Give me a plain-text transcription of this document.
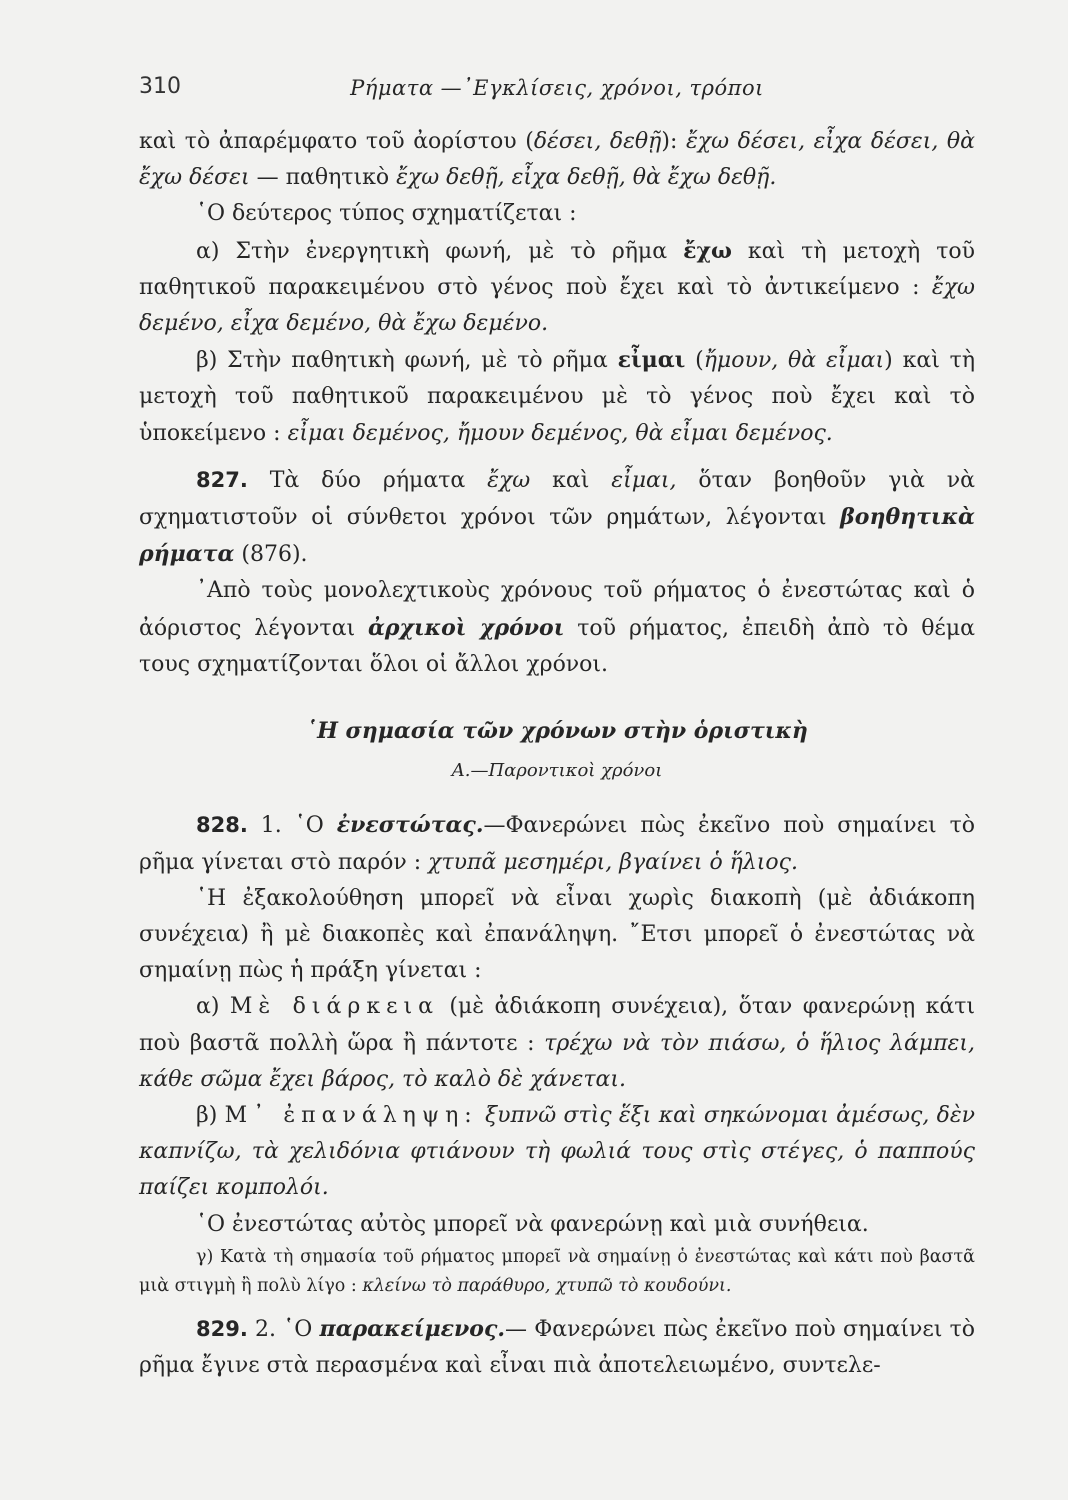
310	Ρήματα —᾿Εγκλίσεις, χρόνοι, τρόποι

καὶ τὸ ἀπαρέμφατο τοῦ ἀορίστου (δέσει, δεθῇ): ἔχω δέσει, εἶχα δέσει, θὰ ἔχω δέσει — παθητικὸ ἔχω δεθῇ, εἶχα δεθῇ, θὰ ἔχω δεθῇ.

῾Ο δεύτερος τύπος σχηματίζεται :

α) Στὴν ἐνεργητικὴ φωνή, μὲ τὸ ρῆμα ἔχω καὶ τὴ μετοχὴ τοῦ παθητικοῦ παρακειμένου στὸ γένος ποὺ ἔχει καὶ τὸ ἀντικείμενο : ἔχω δεμένο, εἶχα δεμένο, θὰ ἔχω δεμένο.

β) Στὴν παθητικὴ φωνή, μὲ τὸ ρῆμα εἶμαι (ἤμουν, θὰ εἶμαι) καὶ τὴ μετοχὴ τοῦ παθητικοῦ παρακειμένου μὲ τὸ γένος ποὺ ἔχει καὶ τὸ ὑποκείμενο : εἶμαι δεμένος, ἤμουν δεμένος, θὰ εἶμαι δεμένος.

827. Τὰ δύο ρήματα ἔχω καὶ εἶμαι, ὅταν βοηθοῦν γιὰ νὰ σχηματιστοῦν οἱ σύνθετοι χρόνοι τῶν ρημάτων, λέγονται βοηθητικὰ ρήματα (876).

᾿Απὸ τοὺς μονολεχτικοὺς χρόνους τοῦ ρήματος ὁ ἐνεστώτας καὶ ὁ ἀόριστος λέγονται ἀρχικοὶ χρόνοι τοῦ ρήματος, ἐπειδὴ ἀπὸ τὸ θέμα τους σχηματίζονται ὅλοι οἱ ἄλλοι χρόνοι.

῾Η σημασία τῶν χρόνων στὴν ὁριστικὴ

Α.—Παροντικοὶ χρόνοι

828. 1. ῾Ο ἐνεστώτας.—Φανερώνει πὼς ἐκεῖνο ποὺ σημαίνει τὸ ρῆμα γίνεται στὸ παρόν : χτυπᾶ μεσημέρι, βγαίνει ὁ ἥλιος.

῾Η ἐξακολούθηση μπορεῖ νὰ εἶναι χωρὶς διακοπὴ (μὲ ἀδιάκοπη συνέχεια) ἢ μὲ διακοπὲς καὶ ἐπανάληψη. ῎Ετσι μπορεῖ ὁ ἐνεστώτας νὰ σημαίνῃ πὼς ἡ πράξη γίνεται :

α) Μὲ διάρκεια (μὲ ἀδιάκοπη συνέχεια), ὅταν φανερώνῃ κάτι ποὺ βαστᾶ πολλὴ ὥρα ἢ πάντοτε : τρέχω νὰ τὸν πιάσω, ὁ ἥλιος λάμπει, κάθε σῶμα ἔχει βάρος, τὸ καλὸ δὲ χάνεται.

β) Μ᾿ ἐπανάληψη: ξυπνῶ στὶς ἕξι καὶ σηκώνομαι ἀμέσως, δὲν καπνίζω, τὰ χελιδόνια φτιάνουν τὴ φωλιά τους στὶς στέγες, ὁ παππούς παίζει κομπολόι.

῾Ο ἐνεστώτας αὐτὸς μπορεῖ νὰ φανερώνῃ καὶ μιὰ συνήθεια.

γ) Κατὰ τὴ σημασία τοῦ ρήματος μπορεῖ νὰ σημαίνῃ ὁ ἐνεστώτας καὶ κάτι ποὺ βαστᾶ μιὰ στιγμὴ ἢ πολὺ λίγο : κλείνω τὸ παράθυρο, χτυπῶ τὸ κουδούνι.

829. 2. ῾Ο παρακείμενος.— Φανερώνει πὼς ἐκεῖνο ποὺ σημαίνει τὸ ρῆμα ἔγινε στὰ περασμένα καὶ εἶναι πιὰ ἀποτελειωμένο, συντελε-
